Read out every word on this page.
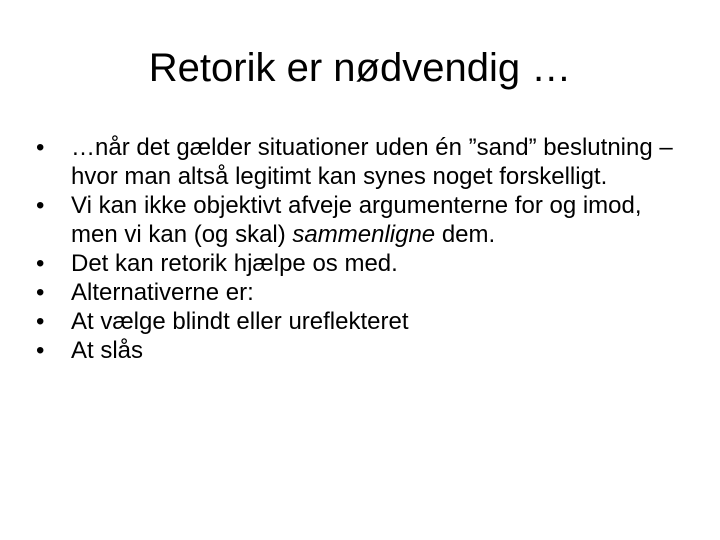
Retorik er nødvendig …
•	…når det gælder situationer uden én ”sand” beslutning – hvor man altså legitimt kan synes noget forskelligt.
•	Vi kan ikke objektivt afveje argumenterne for og imod, men vi kan (og skal) sammenligne dem.
•	Det kan retorik hjælpe os med.
•	Alternativerne er:
•	At vælge blindt eller ureflekteret
•	At slås
